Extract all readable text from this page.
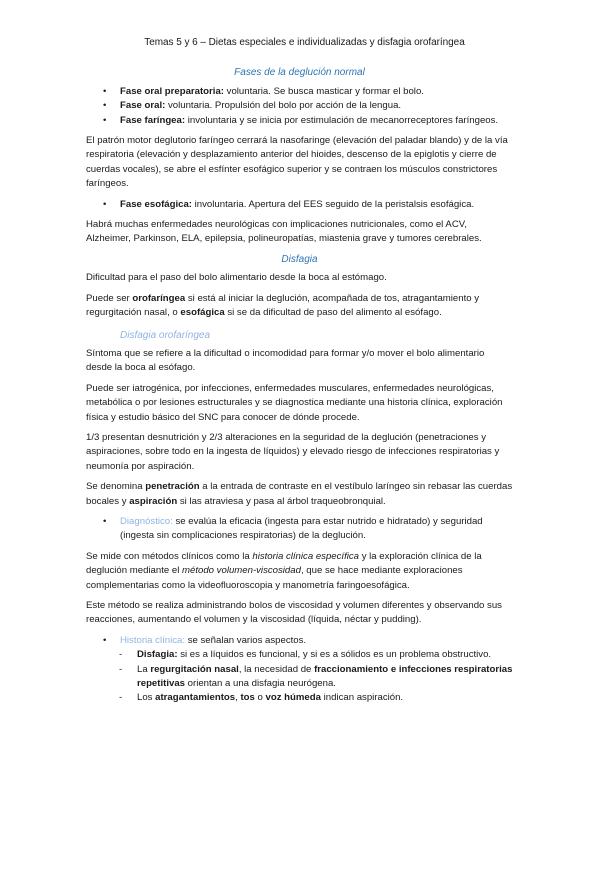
Temas 5 y 6 – Dietas especiales e individualizadas y disfagia orofaríngea
Fases de la deglución normal
• Fase oral preparatoria: voluntaria. Se busca masticar y formar el bolo.
• Fase oral: voluntaria. Propulsión del bolo por acción de la lengua.
• Fase faríngea: involuntaria y se inicia por estimulación de mecanorreceptores faríngeos.

El patrón motor deglutorio faríngeo cerrará la nasofaringe (elevación del paladar blando) y de la vía respiratoria (elevación y desplazamiento anterior del hioides, descenso de la epiglotis y cierre de cuerdas vocales), se abre el esfínter esofágico superior y se contraen los músculos constrictores faríngeos.

• Fase esofágica: involuntaria. Apertura del EES seguido de la peristalsis esofágica.

Habrá muchas enfermedades neurológicas con implicaciones nutricionales, como el ACV, Alzheimer, Parkinson, ELA, epilepsia, polineuropatías, miastenia grave y tumores cerebrales.

Disfagia

Dificultad para el paso del bolo alimentario desde la boca al estómago.

Puede ser orofaríngea si está al iniciar la deglución, acompañada de tos, atragantamiento y regurgitación nasal, o esofágica si se da dificultad de paso del alimento al esófago.

Disfagia orofaríngea

Síntoma que se refiere a la dificultad o incomodidad para formar y/o mover el bolo alimentario desde la boca al esófago.

Puede ser iatrogénica, por infecciones, enfermedades musculares, enfermedades neurológicas, metabólica o por lesiones estructurales y se diagnostica mediante una historia clínica, exploración física y estudio básico del SNC para conocer de dónde procede.

1/3 presentan desnutrición y 2/3 alteraciones en la seguridad de la deglución (penetraciones y aspiraciones, sobre todo en la ingesta de líquidos) y elevado riesgo de infecciones respiratorias y neumonía por aspiración.

Se denomina penetración a la entrada de contraste en el vestíbulo laríngeo sin rebasar las cuerdas bocales y aspiración si las atraviesa y pasa al árbol traqueobronquial.

• Diagnóstico: se evalúa la eficacia (ingesta para estar nutrido e hidratado) y seguridad (ingesta sin complicaciones respiratorias) de la deglución.

Se mide con métodos clínicos como la historia clínica específica y la exploración clínica de la deglución mediante el método volumen-viscosidad, que se hace mediante exploraciones complementarias como la videofluoroscopia y manometría faringoesofágica.

Este método se realiza administrando bolos de viscosidad y volumen diferentes y observando sus reacciones, aumentando el volumen y la viscosidad (líquida, néctar y pudding).

• Historia clínica: se señalan varios aspectos.
- Disfagia: si es a líquidos es funcional, y si es a sólidos es un problema obstructivo.
- La regurgitación nasal, la necesidad de fraccionamiento e infecciones respiratorias repetitivas orientan a una disfagia neurógena.
- Los atragantamientos, tos o voz húmeda indican aspiración.
